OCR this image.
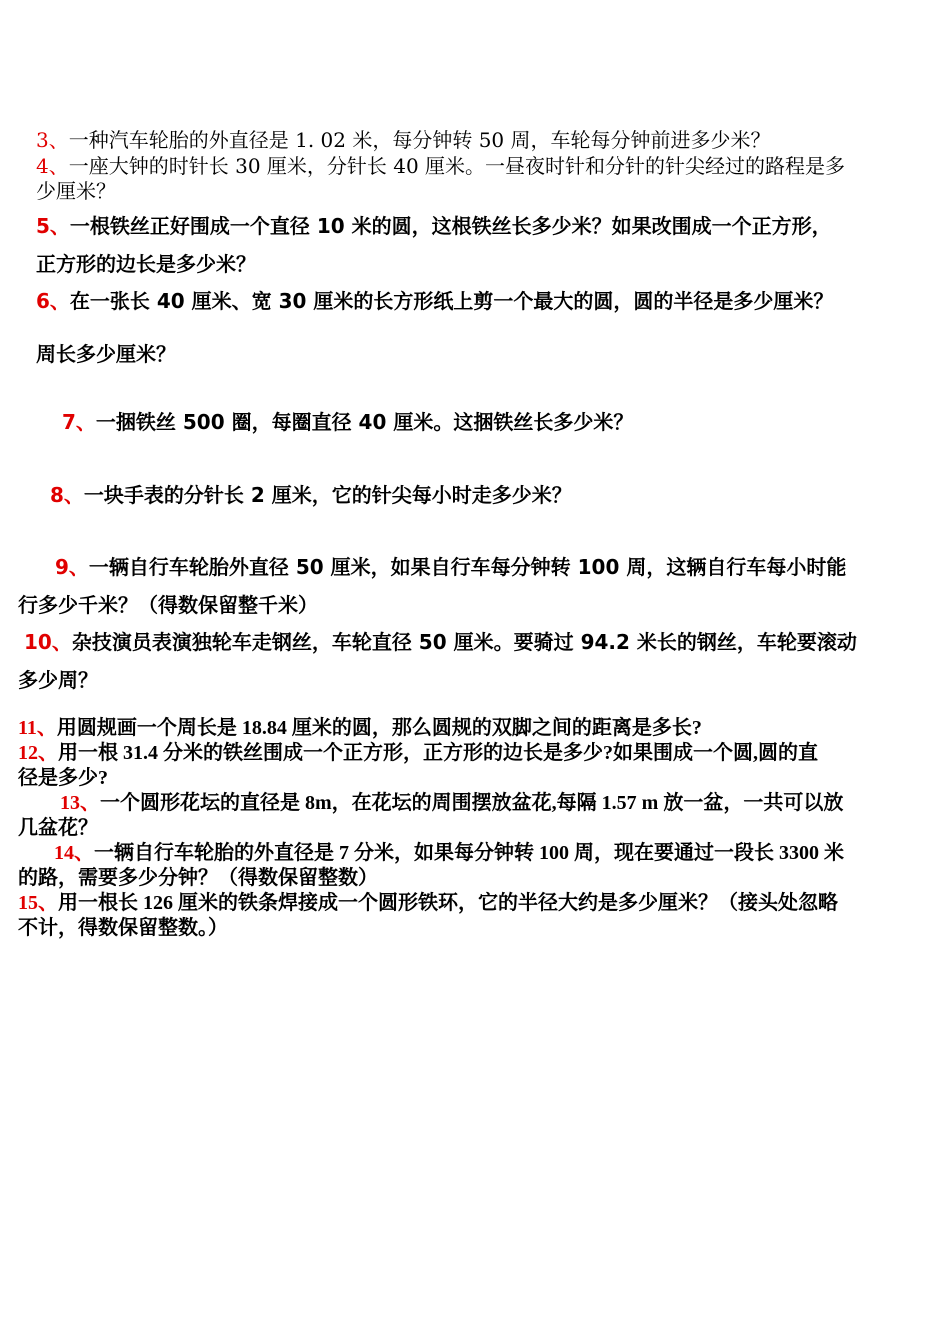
3、一种汽车轮胎的外直径是 1. 02 米，每分钟转 50 周，车轮每分钟前进多少米？
4、一座大钟的时针长 30 厘米，分针长 40 厘米。一昼夜时针和分针的针尖经过的路程是多
少厘米？
5、一根铁丝正好围成一个直径 10 米的圆，这根铁丝长多少米？如果改围成一个正方形，
正方形的边长是多少米？
6、在一张长 40 厘米、宽 30 厘米的长方形纸上剪一个最大的圆，圆的半径是多少厘米？
周长多少厘米？
7、一捆铁丝 500 圈，每圈直径 40 厘米。这捆铁丝长多少米？
8、一块手表的分针长 2 厘米，它的针尖每小时走多少米？
9、一辆自行车轮胎外直径 50 厘米，如果自行车每分钟转 100 周，这辆自行车每小时能
行多少千米？（得数保留整千米）
10、杂技演员表演独轮车走钢丝，车轮直径 50 厘米。要骑过 94.2 米长的钢丝，车轮要滚动
多少周？
11、用圆规画一个周长是 18.84 厘米的圆，那么圆规的双脚之间的距离是多长?
12、用一根 31.4 分米的铁丝围成一个正方形，正方形的边长是多少?如果围成一个圆,圆的直
径是多少?
13、一个圆形花坛的直径是 8m，在花坛的周围摆放盆花,每隔 1.57 m 放一盆，一共可以放
几盆花？
14、一辆自行车轮胎的外直径是 7 分米，如果每分钟转 100 周，现在要通过一段长 3300 米
的路，需要多少分钟？（得数保留整数）
15、用一根长 126 厘米的铁条焊接成一个圆形铁环，它的半径大约是多少厘米？（接头处忽略
不计，得数保留整数。）
